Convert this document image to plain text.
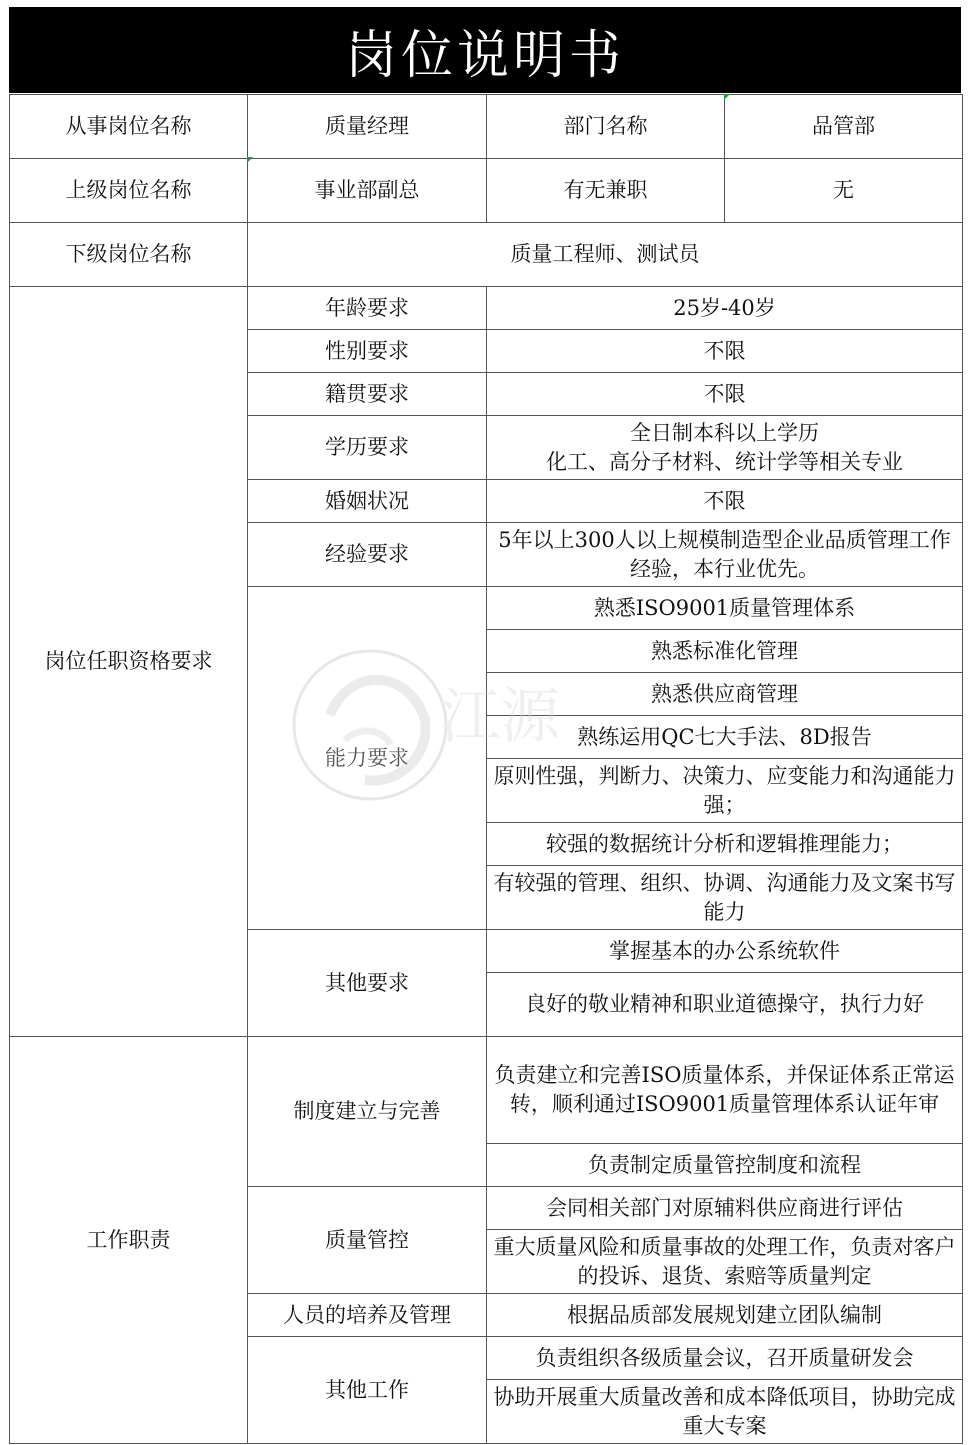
岗位说明书
从事岗位名称	质量经理	部门名称	品管部
上级岗位名称	事业部副总	有无兼职	无
下级岗位名称	质量工程师、测试员		
岗位任职资格要求	年龄要求	25岁-40岁	
	性别要求	不限	
	籍贯要求	不限	
	学历要求	全日制本科以上学历
化工、高分子材料、统计学等相关专业	

	婚姻状况	不限	
	经验要求	5年以上300人以上规模制造型企业品质管理工作经验，本行业优先。	
	能力要求	熟悉ISO9001质量管理体系	
		熟悉标准化管理	
		熟悉供应商管理	
		熟练运用QC七大手法、8D报告	
		原则性强，判断力、决策力、应变能力和沟通能力强；	
		较强的数据统计分析和逻辑推理能力；	
		有较强的管理、组织、协调、沟通能力及文案书写能力	
	其他要求	掌握基本的办公系统软件	
		良好的敬业精神和职业道德操守，执行力好	
工作职责	制度建立与完善	负责建立和完善ISO质量体系，并保证体系正常运转，顺利通过ISO9001质量管理体系认证年审	
		负责制定质量管控制度和流程	
	质量管控	会同相关部门对原辅料供应商进行评估	
		重大质量风险和质量事故的处理工作，负责对客户的投诉、退货、索赔等质量判定	
	人员的培养及管理	根据品质部发展规划建立团队编制	
	其他工作	负责组织各级质量会议，召开质量研发会	
		协助开展重大质量改善和成本降低项目，协助完成重大专案	
江源
